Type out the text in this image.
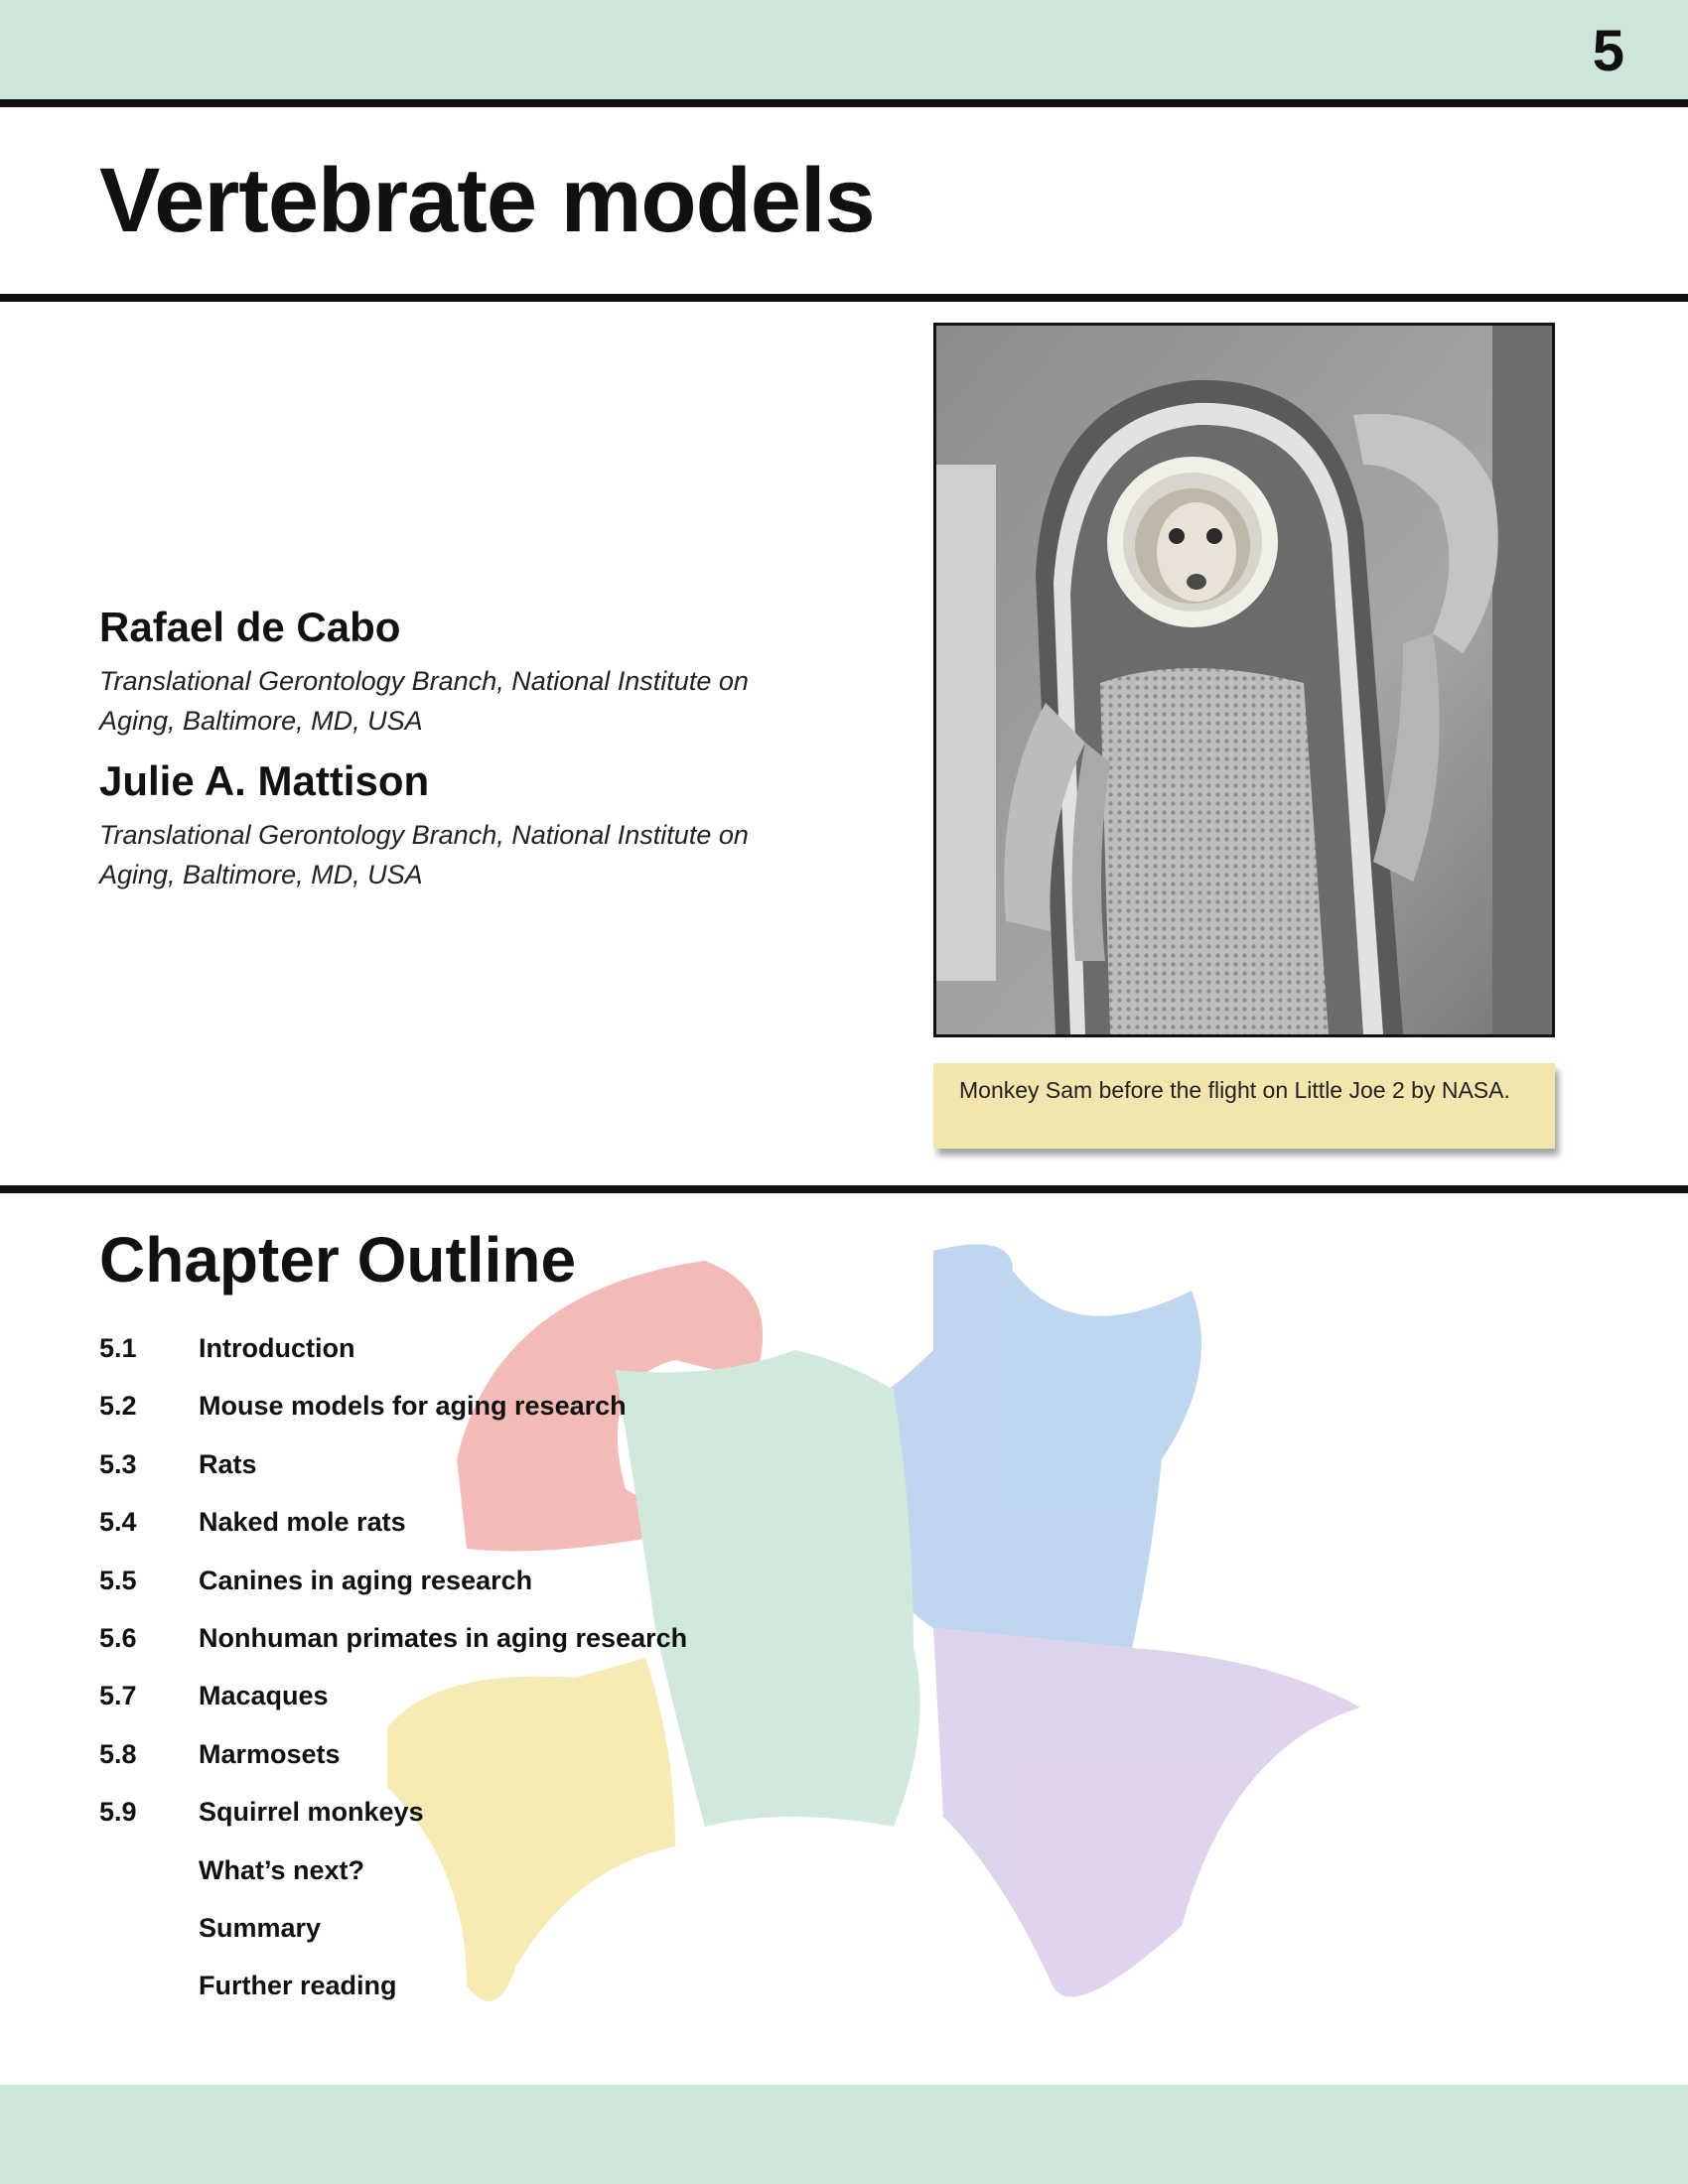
5
Vertebrate models

Rafael de Cabo

Translational Gerontology Branch, National Institute on Aging, Baltimore, MD, USA

Julie A. Mattison

Translational Gerontology Branch, National Institute on Aging, Baltimore, MD, USA

Monkey Sam before the flight on Little Joe 2 by NASA.
Chapter Outline
5.1	Introduction
5.2	Mouse models for aging research
5.3	Rats
5.4	Naked mole rats
5.5	Canines in aging research
5.6	Nonhuman primates in aging research
5.7	Macaques
5.8	Marmosets
5.9	Squirrel monkeys
What’s next?
Summary
Further reading
